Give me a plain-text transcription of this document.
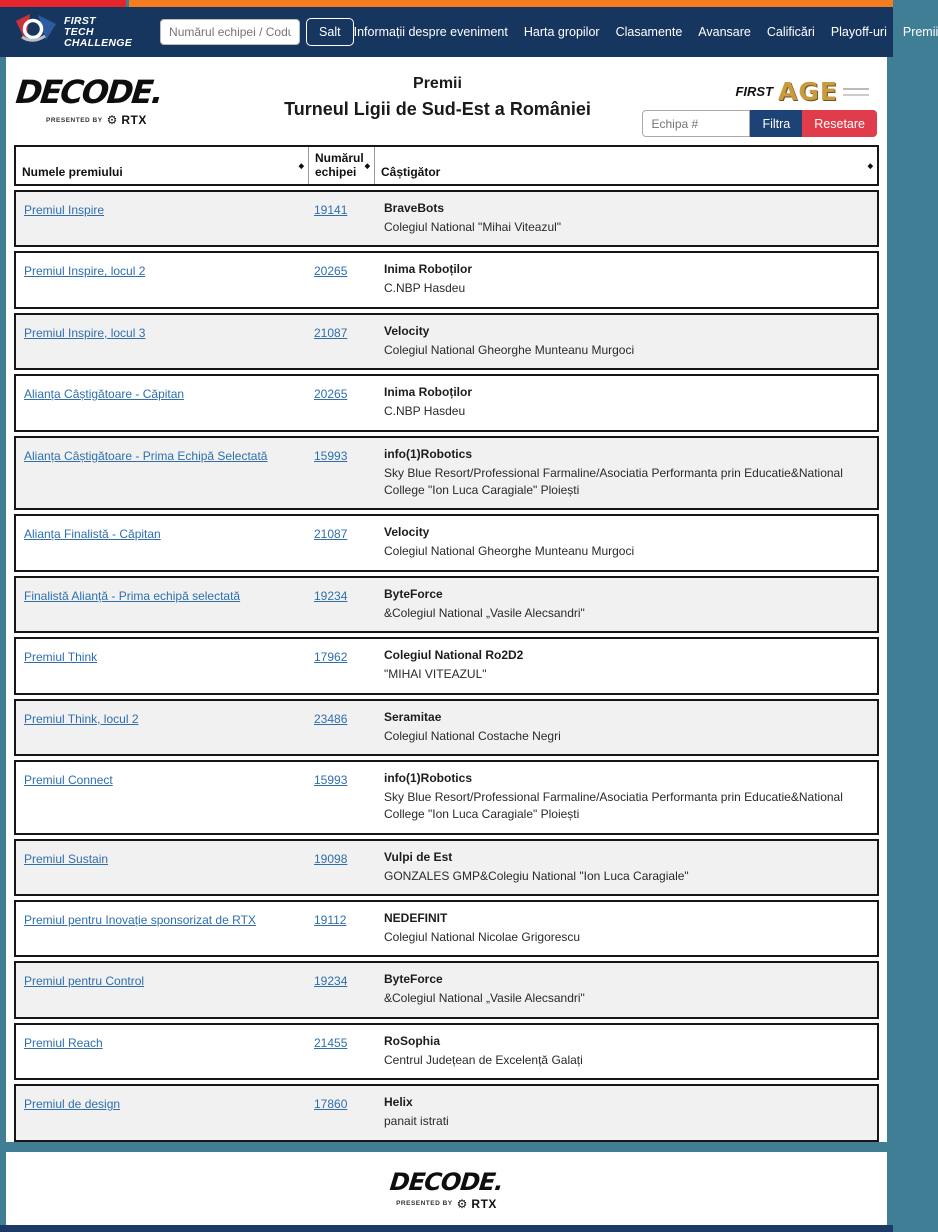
FIRST
TECH
CHALLENGE
Numărul echipei / Codu
Salt	Informații despre eveniment Harta gropilor Clasamente Avansare Calificări Playoff-uri Premii
DECODE.
PRESENTED BY ⚙ RTX
Premii
Turneul Ligii de Sud-Est a României
FIRST AGE
Echipa #
Filtra	Resetare
Numele premiului	◆
Numărul echipei	◆ Câștigător	◆
Premiul Inspire	19141	BraveBots
Colegiul National "Mihai Viteazul"
Premiul Inspire, locul 2	20265	Inima Roboților
C.NBP Hasdeu
Premiul Inspire, locul 3	21087	Velocity
Colegiul National Gheorghe Munteanu Murgoci
Alianța Câștigătoare - Căpitan	20265	Inima Roboților
C.NBP Hasdeu
Alianța Câștigătoare - Prima Echipă Selectată	15993	info(1)Robotics
Sky Blue Resort/Professional Farmaline/Asociatia Performanta prin Educatie&National College "Ion Luca Caragiale" Ploiești
Alianța Finalistă - Căpitan	21087	Velocity
Colegiul National Gheorghe Munteanu Murgoci
Finalistă Alianță - Prima echipă selectată	19234	ByteForce
&Colegiul National „Vasile Alecsandri"
Premiul Think	17962	Colegiul National Ro2D2
"MIHAI VITEAZUL"
Premiul Think, locul 2	23486	Seramitae
Colegiul National Costache Negri
Premiul Connect	15993	info(1)Robotics
Sky Blue Resort/Professional Farmaline/Asociatia Performanta prin Educatie&National College "Ion Luca Caragiale" Ploiești
Premiul Sustain	19098	Vulpi de Est
GONZALES GMP&Colegiu National "Ion Luca Caragiale"
Premiul pentru Inovație sponsorizat de RTX	19112	NEDEFINIT
Colegiul National Nicolae Grigorescu
Premiul pentru Control	19234	ByteForce
&Colegiul National „Vasile Alecsandri"
Premiul Reach	21455	RoSophia
Centrul Județean de Excelență Galați
Premiul de design	17860	Helix
panait istrati
DECODE.
PRESENTED BY ⚙ RTX
